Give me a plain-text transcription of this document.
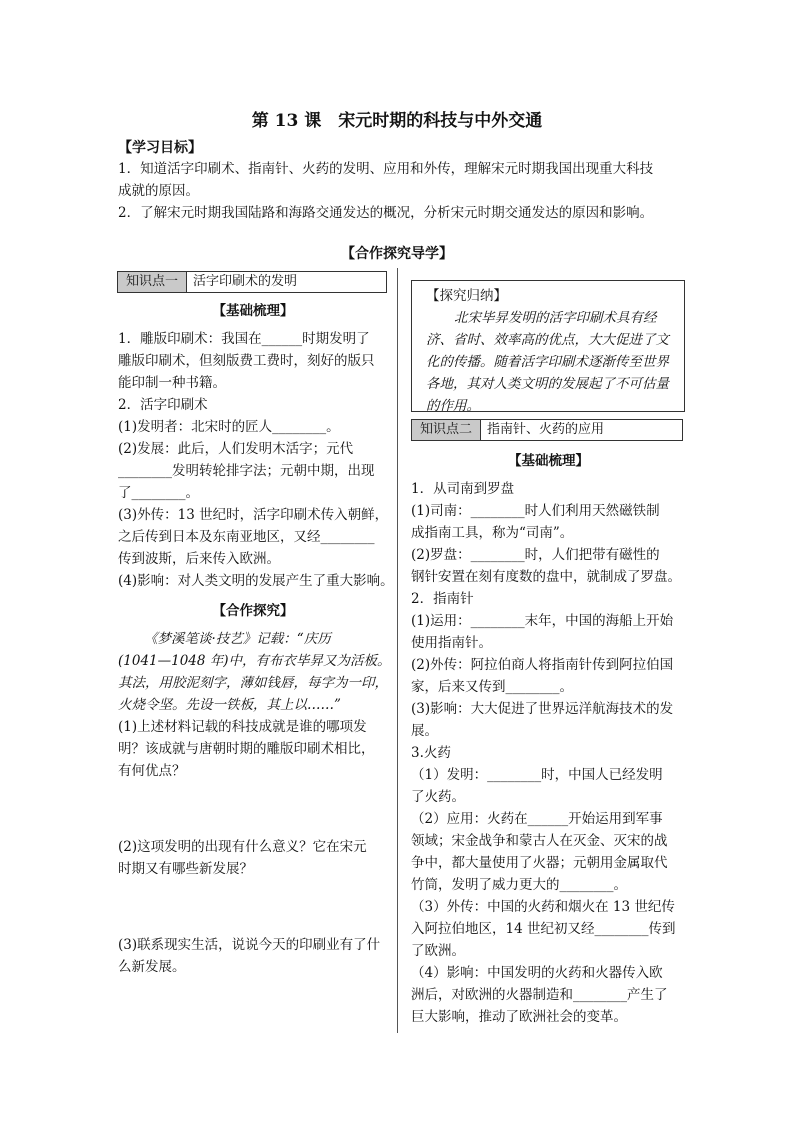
第 13 课　宋元时期的科技与中外交通
【学习目标】
1．知道活字印刷术、指南针、火药的发明、应用和外传，理解宋元时期我国出现重大科技
成就的原因。
2．了解宋元时期我国陆路和海路交通发达的概况，分析宋元时期交通发达的原因和影响。
【合作探究导学】
知识点一	活字印刷术的发明

【基础梳理】

1．雕版印刷术：我国在______时期发明了

雕版印刷术，但刻版费工费时，刻好的版只

能印制一种书籍。

2．活字印刷术

(1)发明者：北宋时的匠人________。

(2)发展：此后，人们发明木活字；元代

________发明转轮排字法；元朝中期，出现

了________。

(3)外传：13 世纪时，活字印刷术传入朝鲜，

之后传到日本及东南亚地区，又经________

传到波斯，后来传入欧洲。

(4)影响：对人类文明的发展产生了重大影响。

【合作探究】

《梦溪笔谈·技艺》记载：“庆历

(1041—1048 年)中，有布衣毕昇又为活板。

其法，用胶泥刻字，薄如钱唇，每字为一印，

火烧令坚。先设一铁板，其上以……”

(1)上述材料记载的科技成就是谁的哪项发

明？该成就与唐朝时期的雕版印刷术相比，

有何优点？

(2)这项发明的出现有什么意义？它在宋元

时期又有哪些新发展？

(3)联系现实生活，说说今天的印刷业有了什

么新发展。

【探究归纳】

北宋毕昇发明的活字印刷术具有经

济、省时、效率高的优点，大大促进了文

化的传播。随着活字印刷术逐渐传至世界

各地，其对人类文明的发展起了不可估量

的作用。

知识点二	指南针、火药的应用

【基础梳理】

1．从司南到罗盘

(1)司南：________时人们利用天然磁铁制

成指南工具，称为“司南”。

(2)罗盘：________时，人们把带有磁性的

钢针安置在刻有度数的盘中，就制成了罗盘。

2．指南针

(1)运用：________末年，中国的海船上开始

使用指南针。

(2)外传：阿拉伯商人将指南针传到阿拉伯国

家，后来又传到________。

(3)影响：大大促进了世界远洋航海技术的发

展。

3.火药

（1）发明：________时，中国人已经发明

了火药。

（2）应用：火药在______开始运用到军事

领域；宋金战争和蒙古人在灭金、灭宋的战

争中，都大量使用了火器；元朝用金属取代

竹筒，发明了威力更大的________。

（3）外传：中国的火药和烟火在 13 世纪传

入阿拉伯地区，14 世纪初又经________传到

了欧洲。

（4）影响：中国发明的火药和火器传入欧

洲后，对欧洲的火器制造和________产生了

巨大影响，推动了欧洲社会的变革。
